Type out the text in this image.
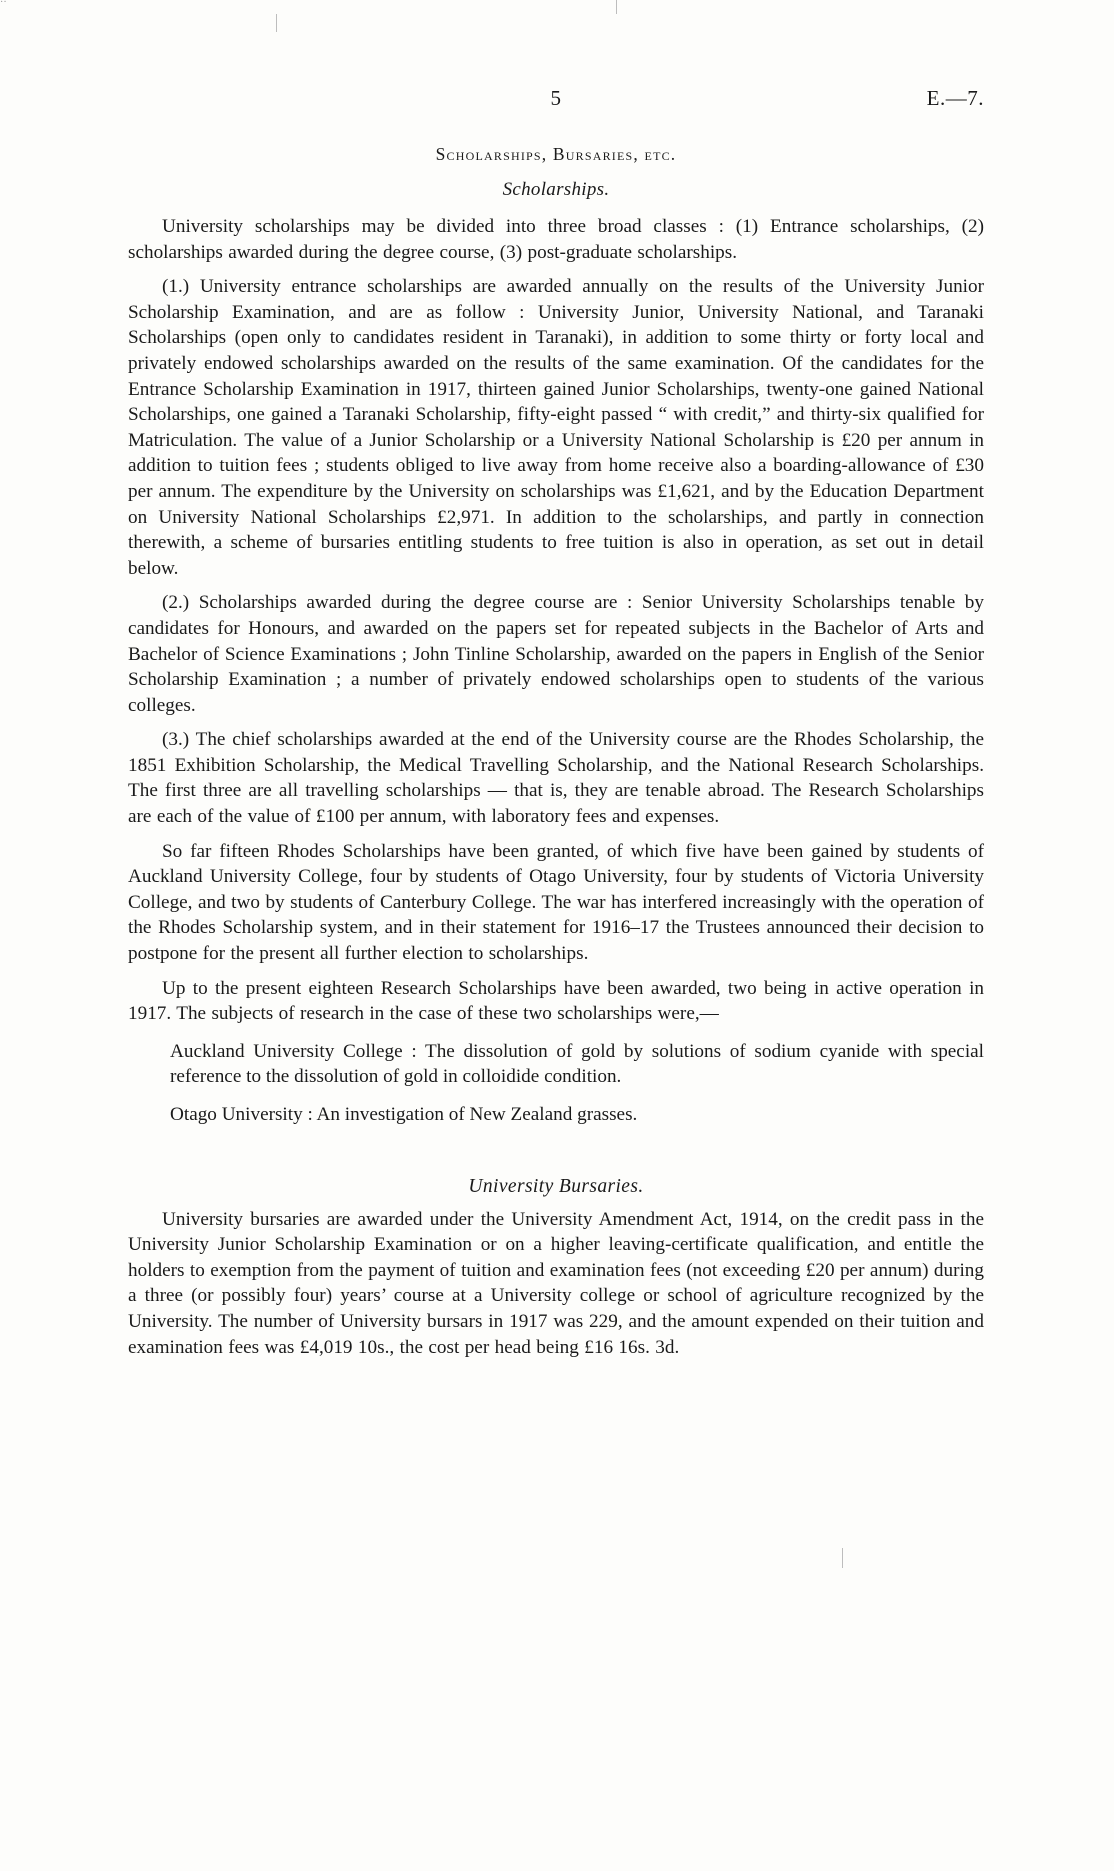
··
5	E.—7.
Scholarships, Bursaries, etc.
Scholarships.

University scholarships may be divided into three broad classes : (1) Entrance scholarships, (2) scholarships awarded during the degree course, (3) post-graduate scholarships.

(1.) University entrance scholarships are awarded annually on the results of the University Junior Scholarship Examination, and are as follow : University Junior, University National, and Taranaki Scholarships (open only to candidates resident in Taranaki), in addition to some thirty or forty local and privately endowed scholarships awarded on the results of the same examination. Of the candidates for the Entrance Scholarship Examination in 1917, thirteen gained Junior Scholarships, twenty-one gained National Scholarships, one gained a Taranaki Scholarship, fifty-eight passed “ with credit,” and thirty-six qualified for Matriculation. The value of a Junior Scholarship or a University National Scholarship is £20 per annum in addition to tuition fees ; students obliged to live away from home receive also a boarding-allowance of £30 per annum. The expenditure by the University on scholarships was £1,621, and by the Education Department on University National Scholarships £2,971. In addition to the scholarships, and partly in connection therewith, a scheme of bursaries entitling students to free tuition is also in operation, as set out in detail below.

(2.) Scholarships awarded during the degree course are : Senior University Scholarships tenable by candidates for Honours, and awarded on the papers set for repeated subjects in the Bachelor of Arts and Bachelor of Science Examinations ; John Tinline Scholarship, awarded on the papers in English of the Senior Scholarship Examination ; a number of privately endowed scholarships open to students of the various colleges.

(3.) The chief scholarships awarded at the end of the University course are the Rhodes Scholarship, the 1851 Exhibition Scholarship, the Medical Travelling Scholarship, and the National Research Scholarships. The first three are all travelling scholarships — that is, they are tenable abroad. The Research Scholarships are each of the value of £100 per annum, with laboratory fees and expenses.

So far fifteen Rhodes Scholarships have been granted, of which five have been gained by students of Auckland University College, four by students of Otago University, four by students of Victoria University College, and two by students of Canterbury College. The war has interfered increasingly with the operation of the Rhodes Scholarship system, and in their statement for 1916–17 the Trustees announced their decision to postpone for the present all further election to scholarships.

Up to the present eighteen Research Scholarships have been awarded, two being in active operation in 1917. The subjects of research in the case of these two scholarships were,—

Auckland University College : The dissolution of gold by solutions of sodium cyanide with special reference to the dissolution of gold in colloidide condition.
Otago University : An investigation of New Zealand grasses.
University Bursaries.

University bursaries are awarded under the University Amendment Act, 1914, on the credit pass in the University Junior Scholarship Examination or on a higher leaving-certificate qualification, and entitle the holders to exemption from the payment of tuition and examination fees (not exceeding £20 per annum) during a three (or possibly four) years’ course at a University college or school of agriculture recognized by the University. The number of University bursars in 1917 was 229, and the amount expended on their tuition and examination fees was £4,019 10s., the cost per head being £16 16s. 3d.
